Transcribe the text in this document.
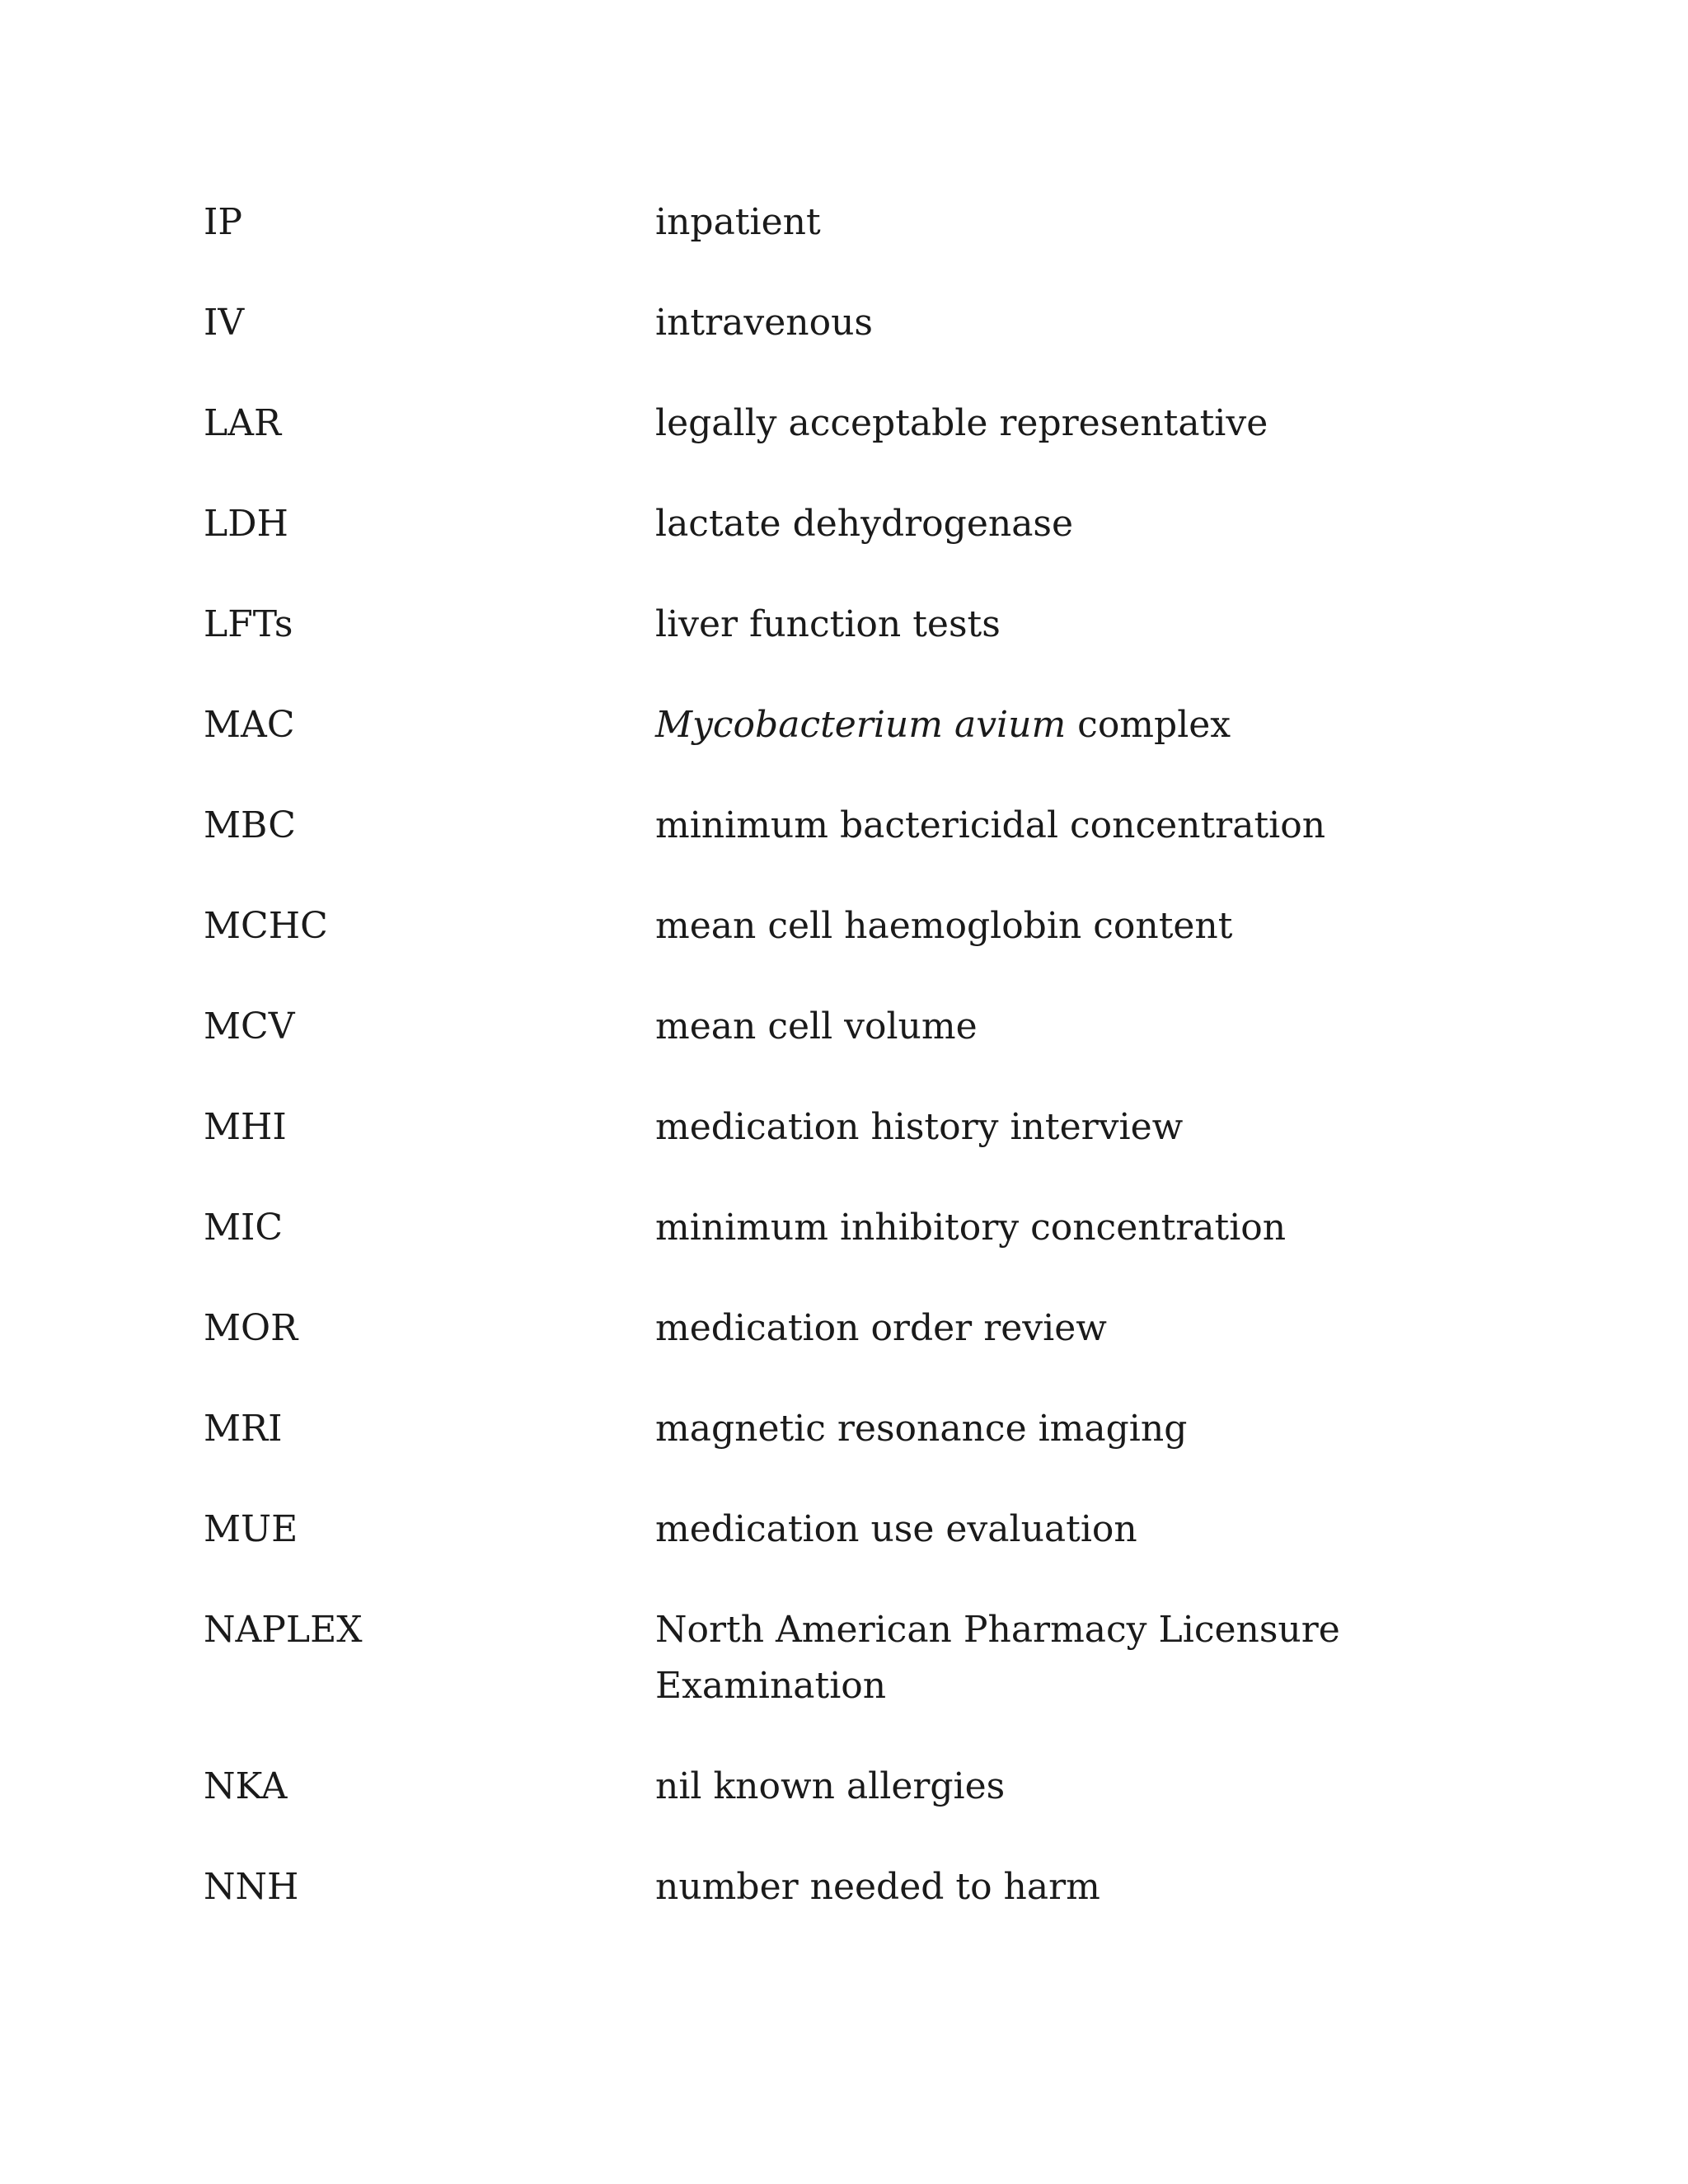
IP	inpatient
IV	intravenous
LAR	legally acceptable representative
LDH	lactate dehydrogenase
LFTs	liver function tests
MAC	Mycobacterium avium complex
MBC	minimum bactericidal concentration
MCHC	mean cell haemoglobin content
MCV	mean cell volume
MHI	medication history interview
MIC	minimum inhibitory concentration
MOR	medication order review
MRI	magnetic resonance imaging
MUE	medication use evaluation
NAPLEX	North American Pharmacy Licensure Examination
NKA	nil known allergies
NNH	number needed to harm
